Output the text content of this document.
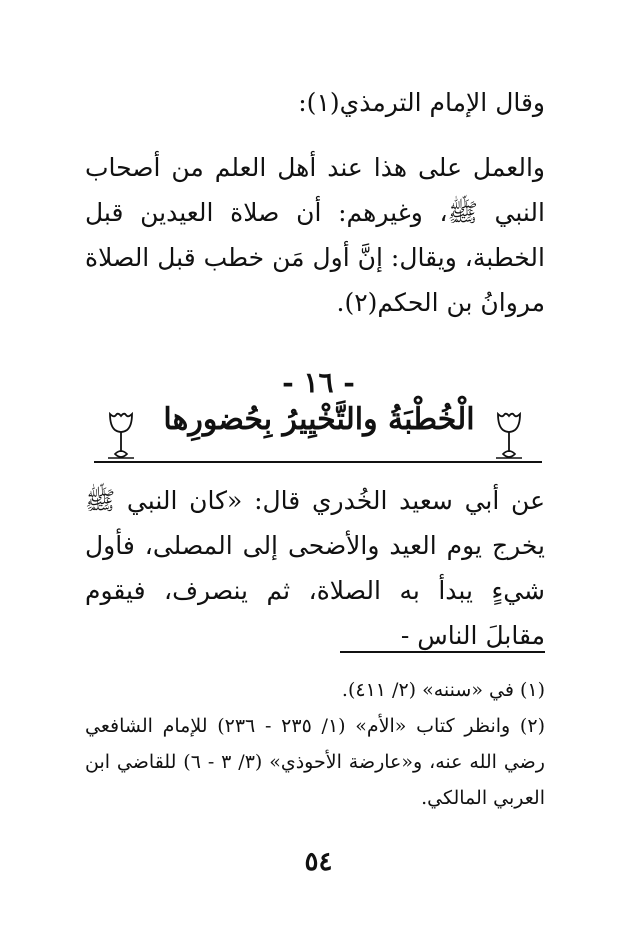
وقال الإمام الترمذي(١):
والعمل على هذا عند أهل العلم من أصحاب النبي ﷺ، وغيرهم: أن صلاة العيدين قبل الخطبة، ويقال: إنَّ أول مَن خطب قبل الصلاة مروانُ بن الحكم(٢).
- ١٦ -
الْخُطْبَةُ والتَّخْيِيرُ بِحُضورِها
عن أبي سعيد الخُدري قال: «كان النبي ﷺ يخرج يوم العيد والأضحى إلى المصلى، فأول شيءٍ يبدأ به الصلاة، ثم ينصرف، فيقوم مقابلَ الناس -

(١) في «سننه» (٢/ ٤١١).

(٢) وانظر كتاب «الأم» (١/ ٢٣٥ - ٢٣٦) للإمام الشافعي رضي الله عنه، و«عارضة الأحوذي» (٣/ ٣ - ٦) للقاضي ابن العربي المالكي.

٥٤
